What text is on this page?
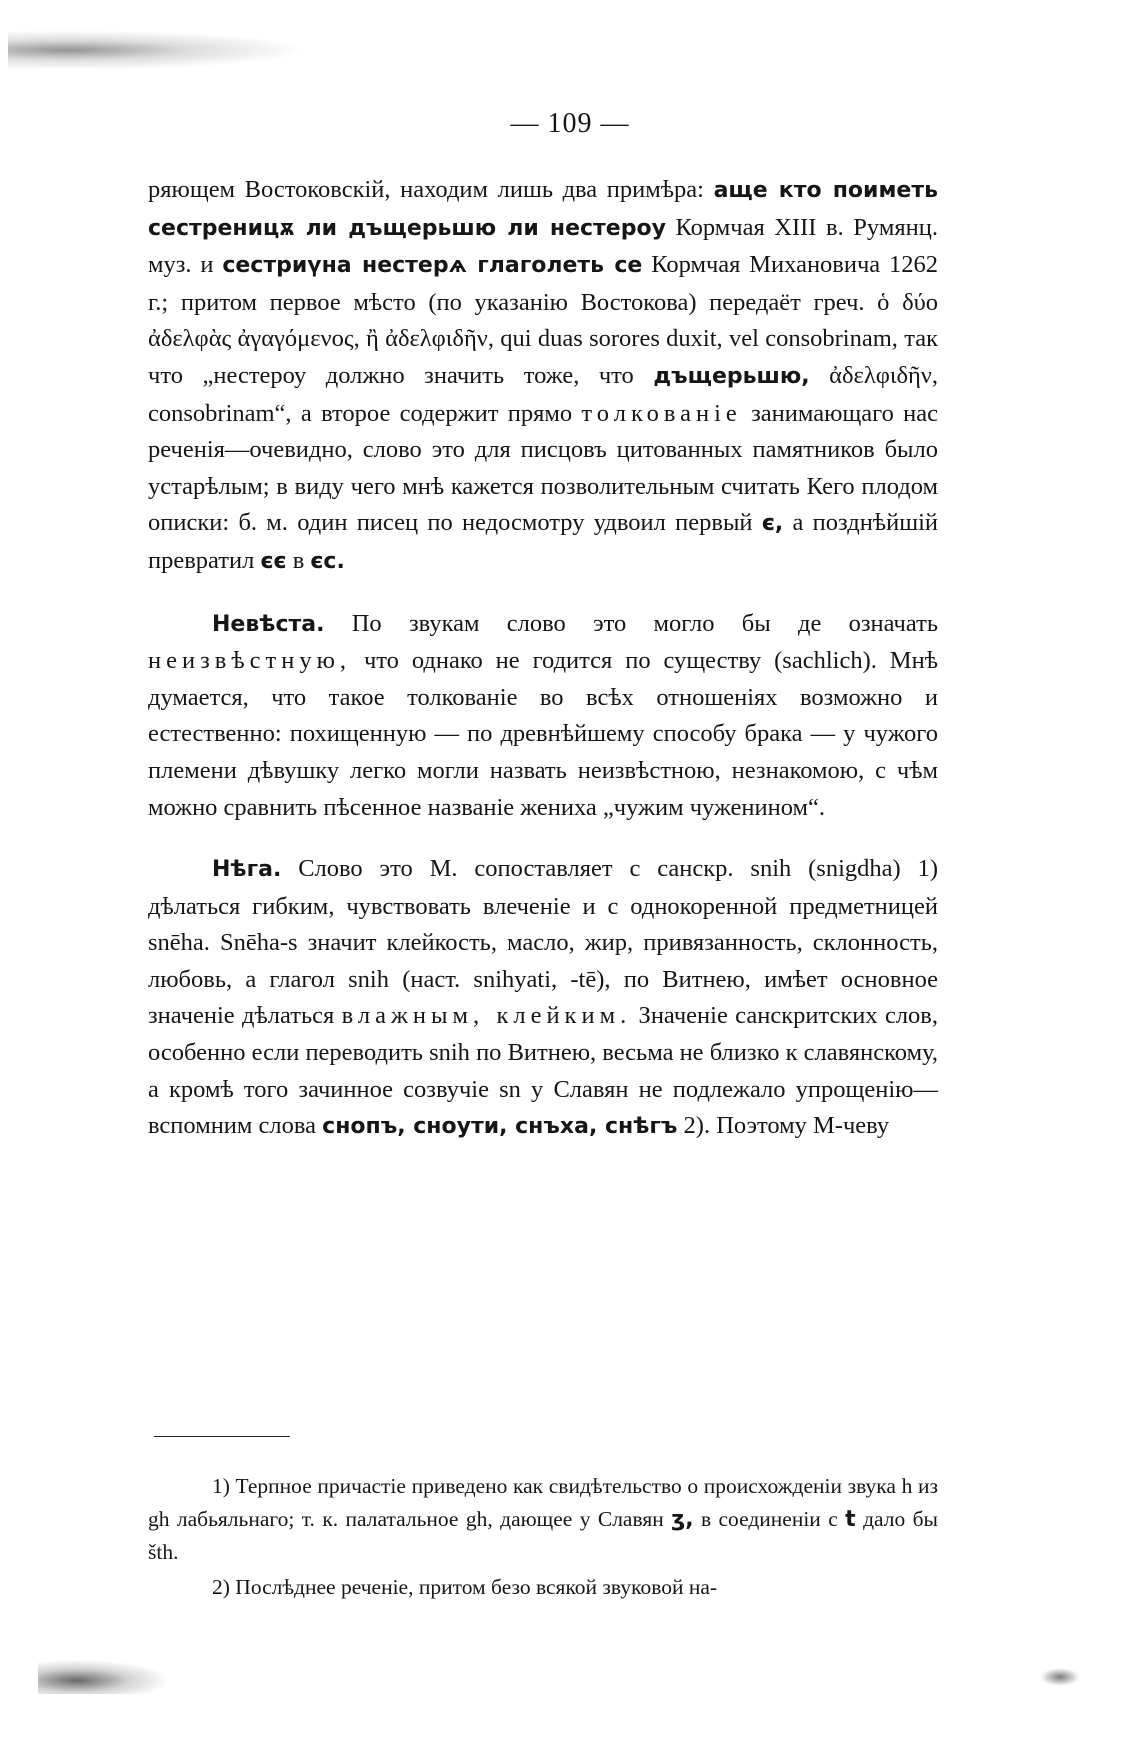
— 109 —

ряющем Востоковскій, находим лишь два примѣра: аще кто поиметь сестреницѫ ли дъщерьшю ли нестероу Кормчая XIII в. Румянц. муз. и сестриүна нестерѧ глаголеть се Кормчая Михановича 1262 г.; притом первое мѣсто (по указанію Востокова) передаёт греч. ὁ δύο ἀδελφὰς ἀγαγόμενος, ἢ ἀδελφιδῆν, qui duas sorores duxit, vel consobrinam, так что „нестероу должно значить тоже, что дъщерьшю, ἀδελφιδῆν, consobrinam“, а второе содержит прямо толкованіе занимающаго нас реченія—очевидно, слово это для писцовъ цитованных памятников было устарѣлым; в виду чего мнѣ кажется позволительным считать Кего плодом описки: б. м. один писец по недосмотру удвоил первый є, а позднѣйшій превратил єє в єс.

Невѣста. По звукам слово это могло бы де означать неизвѣстную, что однако не годится по существу (sachlich). Мнѣ думается, что такое толкованіе во всѣх отношеніях возможно и естественно: похищенную — по древнѣйшему способу брака — у чужого племени дѣвушку легко могли назвать неизвѣстною, незнакомою, с чѣм можно сравнить пѣсенное названіе жениха „чужим чуженином“.

Нѣга. Слово это М. сопоставляет с санскр. snih (snigdha) 1) дѣлаться гибким, чувствовать влеченіе и с однокоренной предметницей snēha. Snēha-s значит клейкость, масло, жир, привязанность, склонность, любовь, а глагол snih (наст. snihyati, -tē), по Витнею, имѣет основное значеніе дѣлаться влажным, клейким. Значеніе санскритских слов, особенно если переводить snih по Витнею, весьма не близко к славянскому, а кромѣ того зачинное созвучіе sn у Славян не подлежало упрощенію—вспомним слова снопъ, сноути, снъха, снѣгъ 2). Поэтому М-чеву

1) Терпное причастіе приведено как свидѣтельство о происхожденіи звука h из gh лабьяльнаго; т. к. палатальное gh, дающее у Славян ʒ, в соединеніи с t дало бы šth.

2) Послѣднее реченіе, притом безо всякой звуковой на-
